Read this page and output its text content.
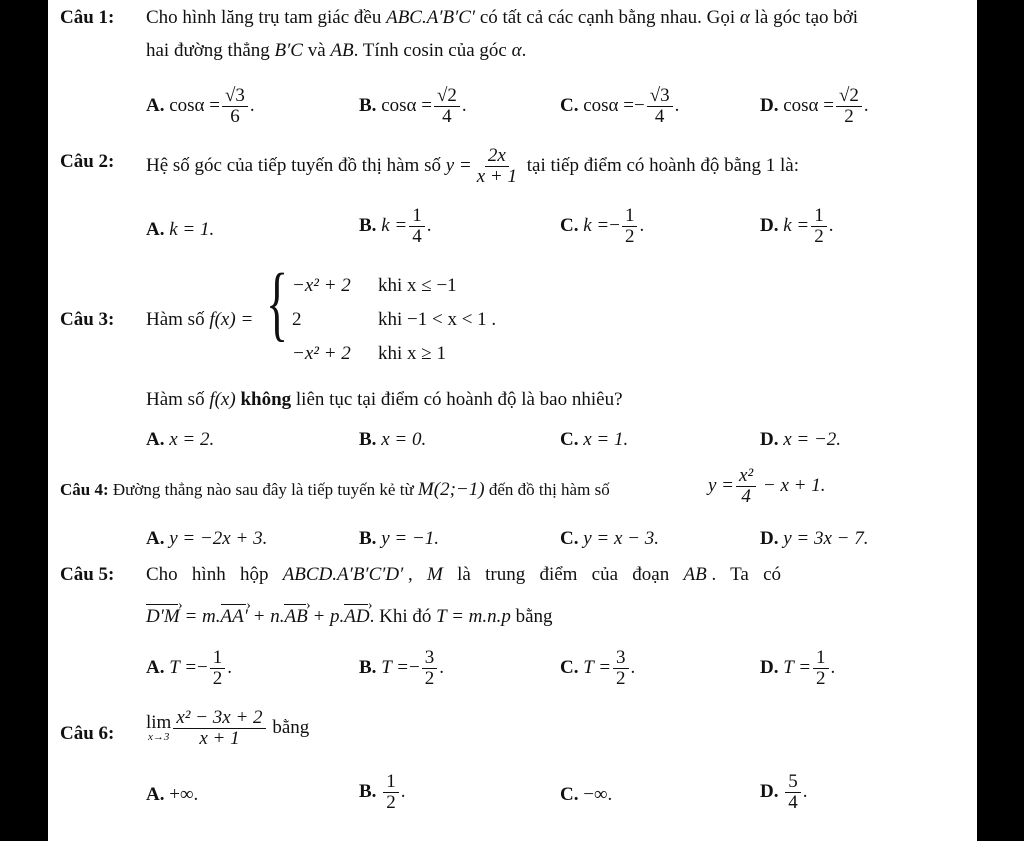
Câu 1: Cho hình lăng trụ tam giác đều ABC.A′B′C′ có tất cả các cạnh bằng nhau. Gọi α là góc tạo bởi
hai đường thẳng B′C và AB. Tính cosin của góc α.
A. $\cos\alpha = \frac{√3}{6}$ .	B. $\cos\alpha = \frac{√2}{4}$ .	C. $\cos\alpha =- \frac{√3}{4}$ .	D. $\cos\alpha = \frac{√2}{2}$ .
Câu 2: Hệ số góc của tiếp tuyến đồ thị hàm số $y = \frac{2x}{x + 1}$ tại tiếp điểm có hoành độ bằng 1 là:
A. k = 1.	B. $k = \frac{1}{4}$ .	C. $k =- \frac{1}{2}$ .	D. $k = \frac{1}{2}$ .
Câu 3: Hàm số f(x) = { −x² + 2 khi x ≤ −1
2	khi −1 < x < 1 .
−x² + 2 khi x ≥ 1
Hàm số f(x) không liên tục tại điểm có hoành độ là bao nhiêu?
A. x = 2.	B. x = 0.	C. x = 1.	D. x = −2.
Câu 4: Đường thẳng nào sau đây là tiếp tuyến kẻ từ M(2;−1) đến đồ thị hàm số	$y = \frac{\text{x²}}{4} - x + 1$.
A. y = −2x + 3.	B. y = −1.	C. y = x − 3.	D. y = 3x − 7.
Câu 5: Cho   hình   hộp   ABCD.A′B′C′D′ ,   M   là   trung   điểm   của   đoạn   AB .   Ta   có
D′M › = m.AA′ › + n.AB › + p.AD ›. Khi đó T = m.n.p bằng
A. $T =- \frac{1}{2}$ .	B. $T =- \frac{3}{2}$ .	C. $T = \frac{3}{2}$ .	D. $T = \frac{1}{2}$ .
Câu 6:
lim
$x\to 3 \frac{\text{x² − 3x + 2}}{x + 1}$ bằng
A. +∞.	B. $\frac{1}{2}$ .	C. −∞.	D. $\frac{5}{4}$ .
